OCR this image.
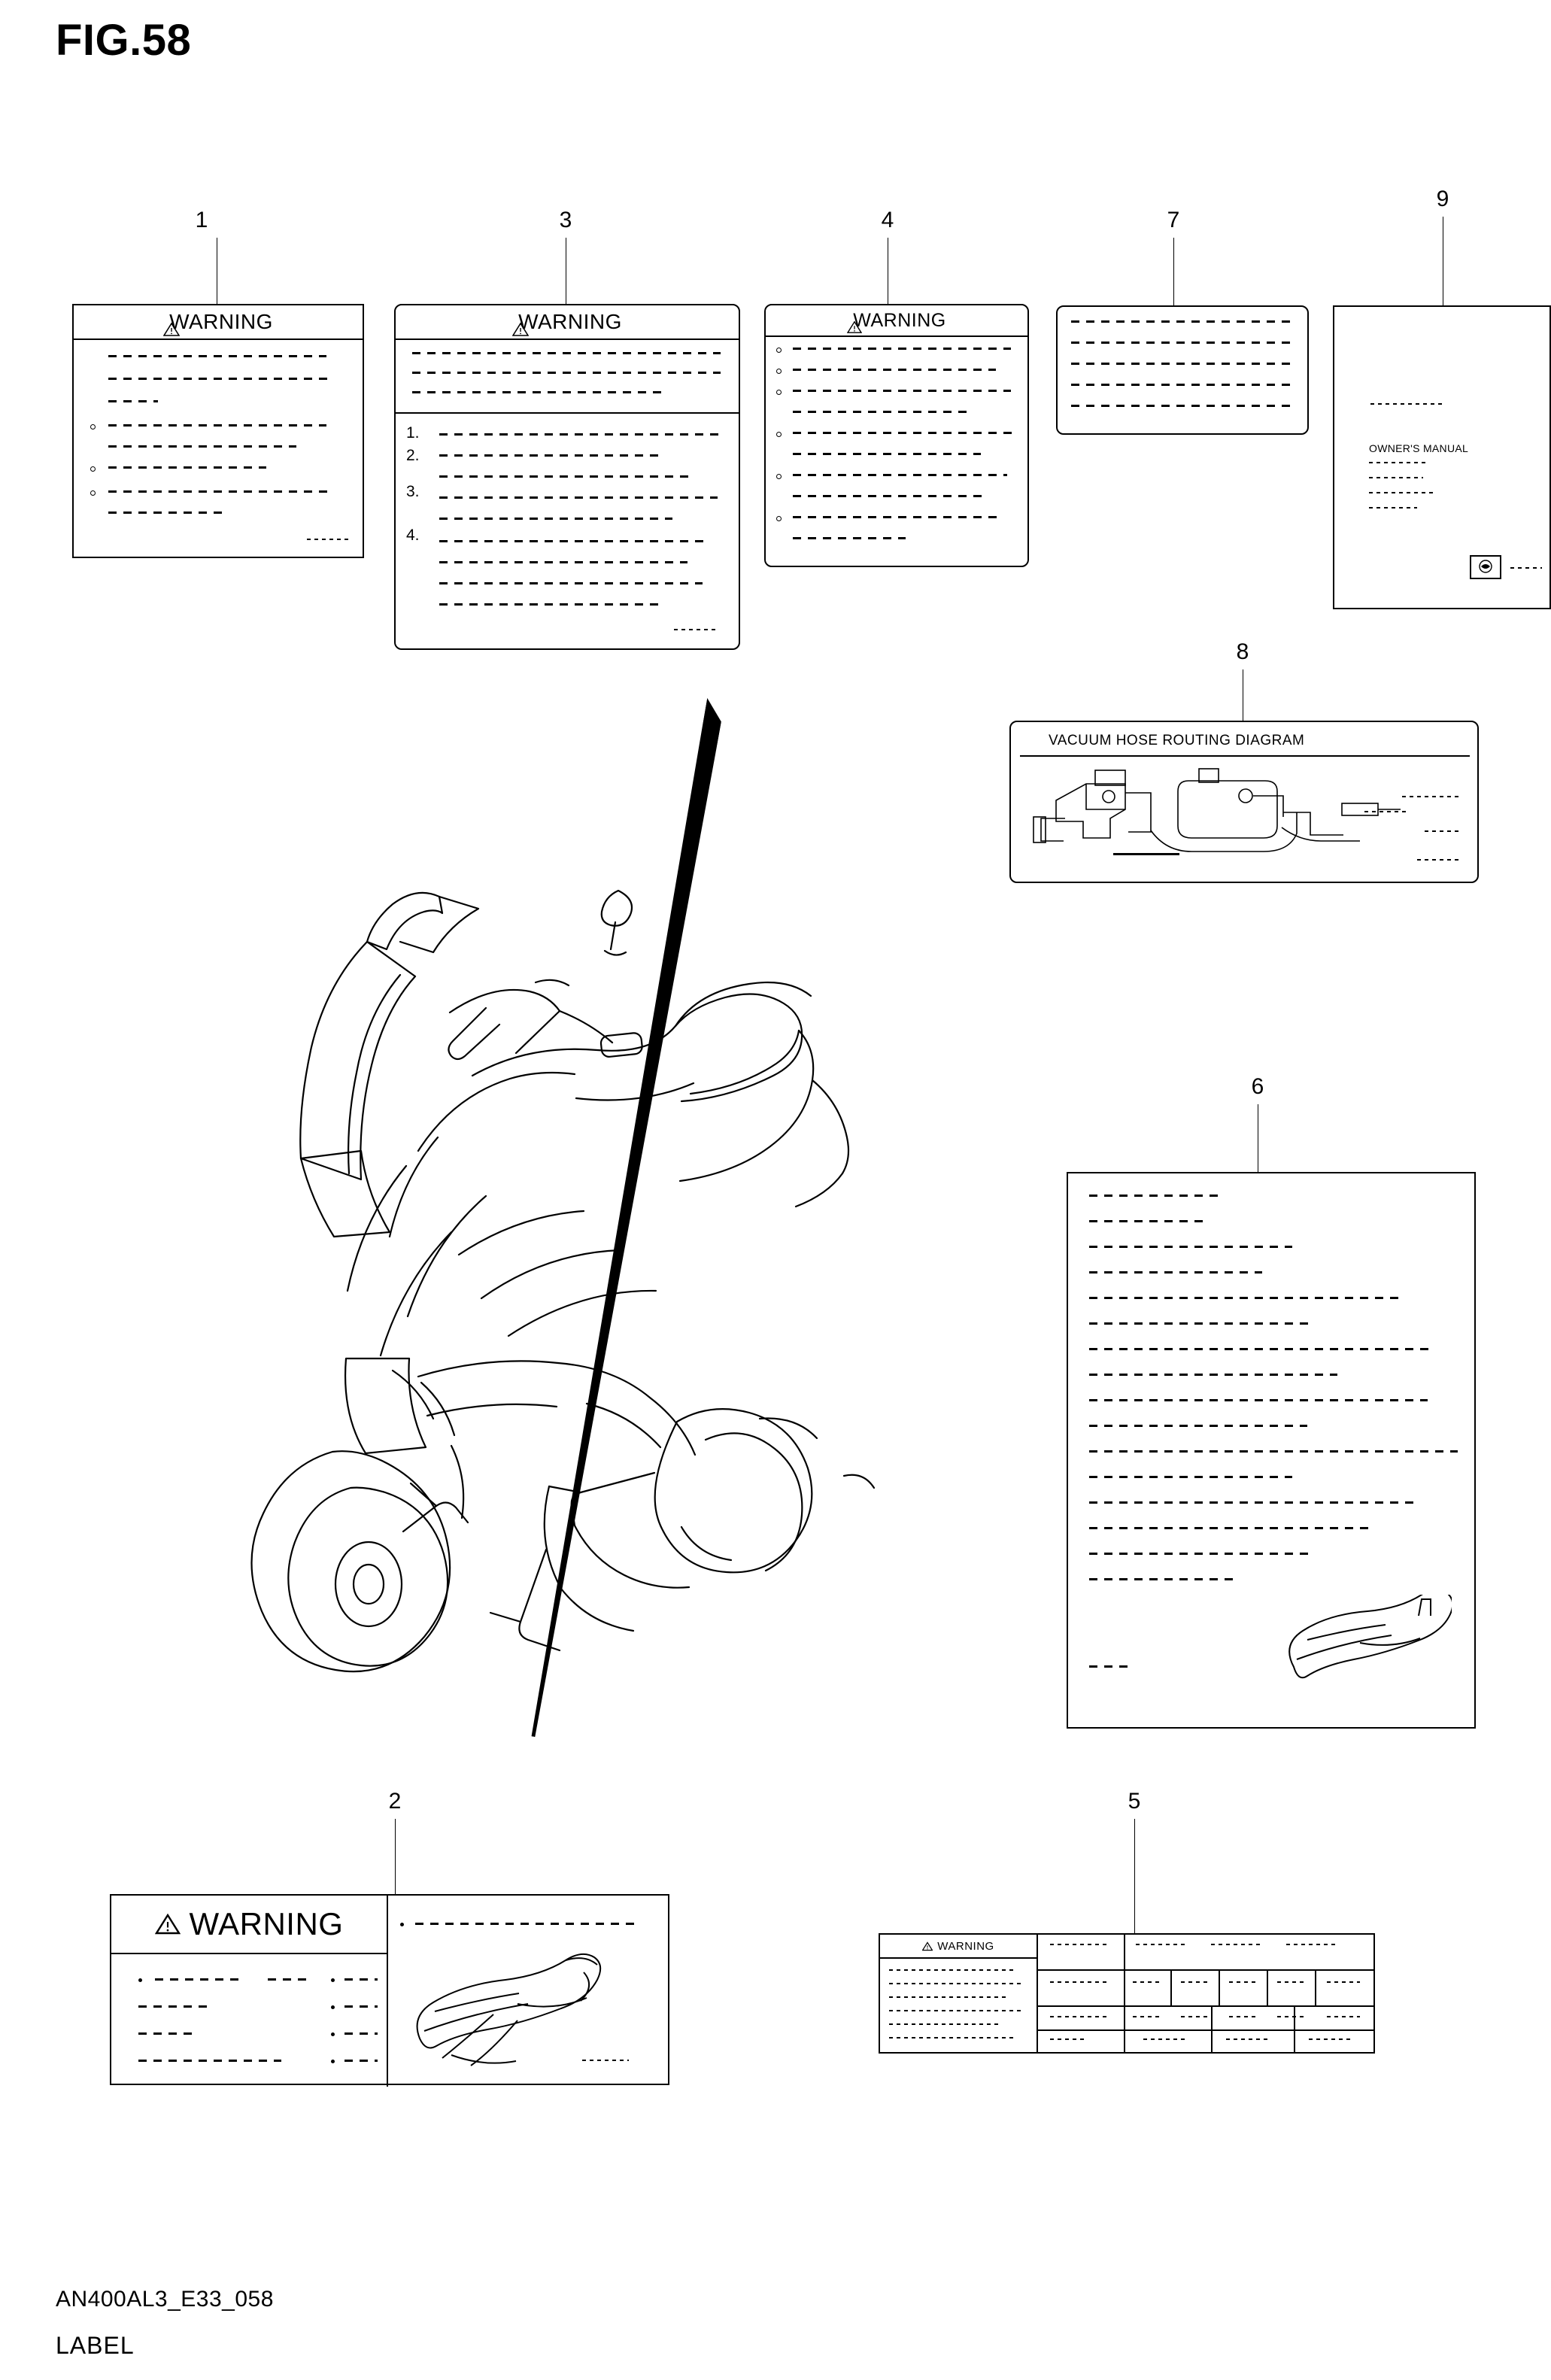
FIG.58
1	3	4	7
9
8
6
2	5
WARNING	WARNING
1.
2.
3.
4.
WARNING
OWNER'S MANUAL
VACUUM HOSE ROUTING DIAGRAM
WARNING
WARNING
AN400AL3_E33_058
LABEL
